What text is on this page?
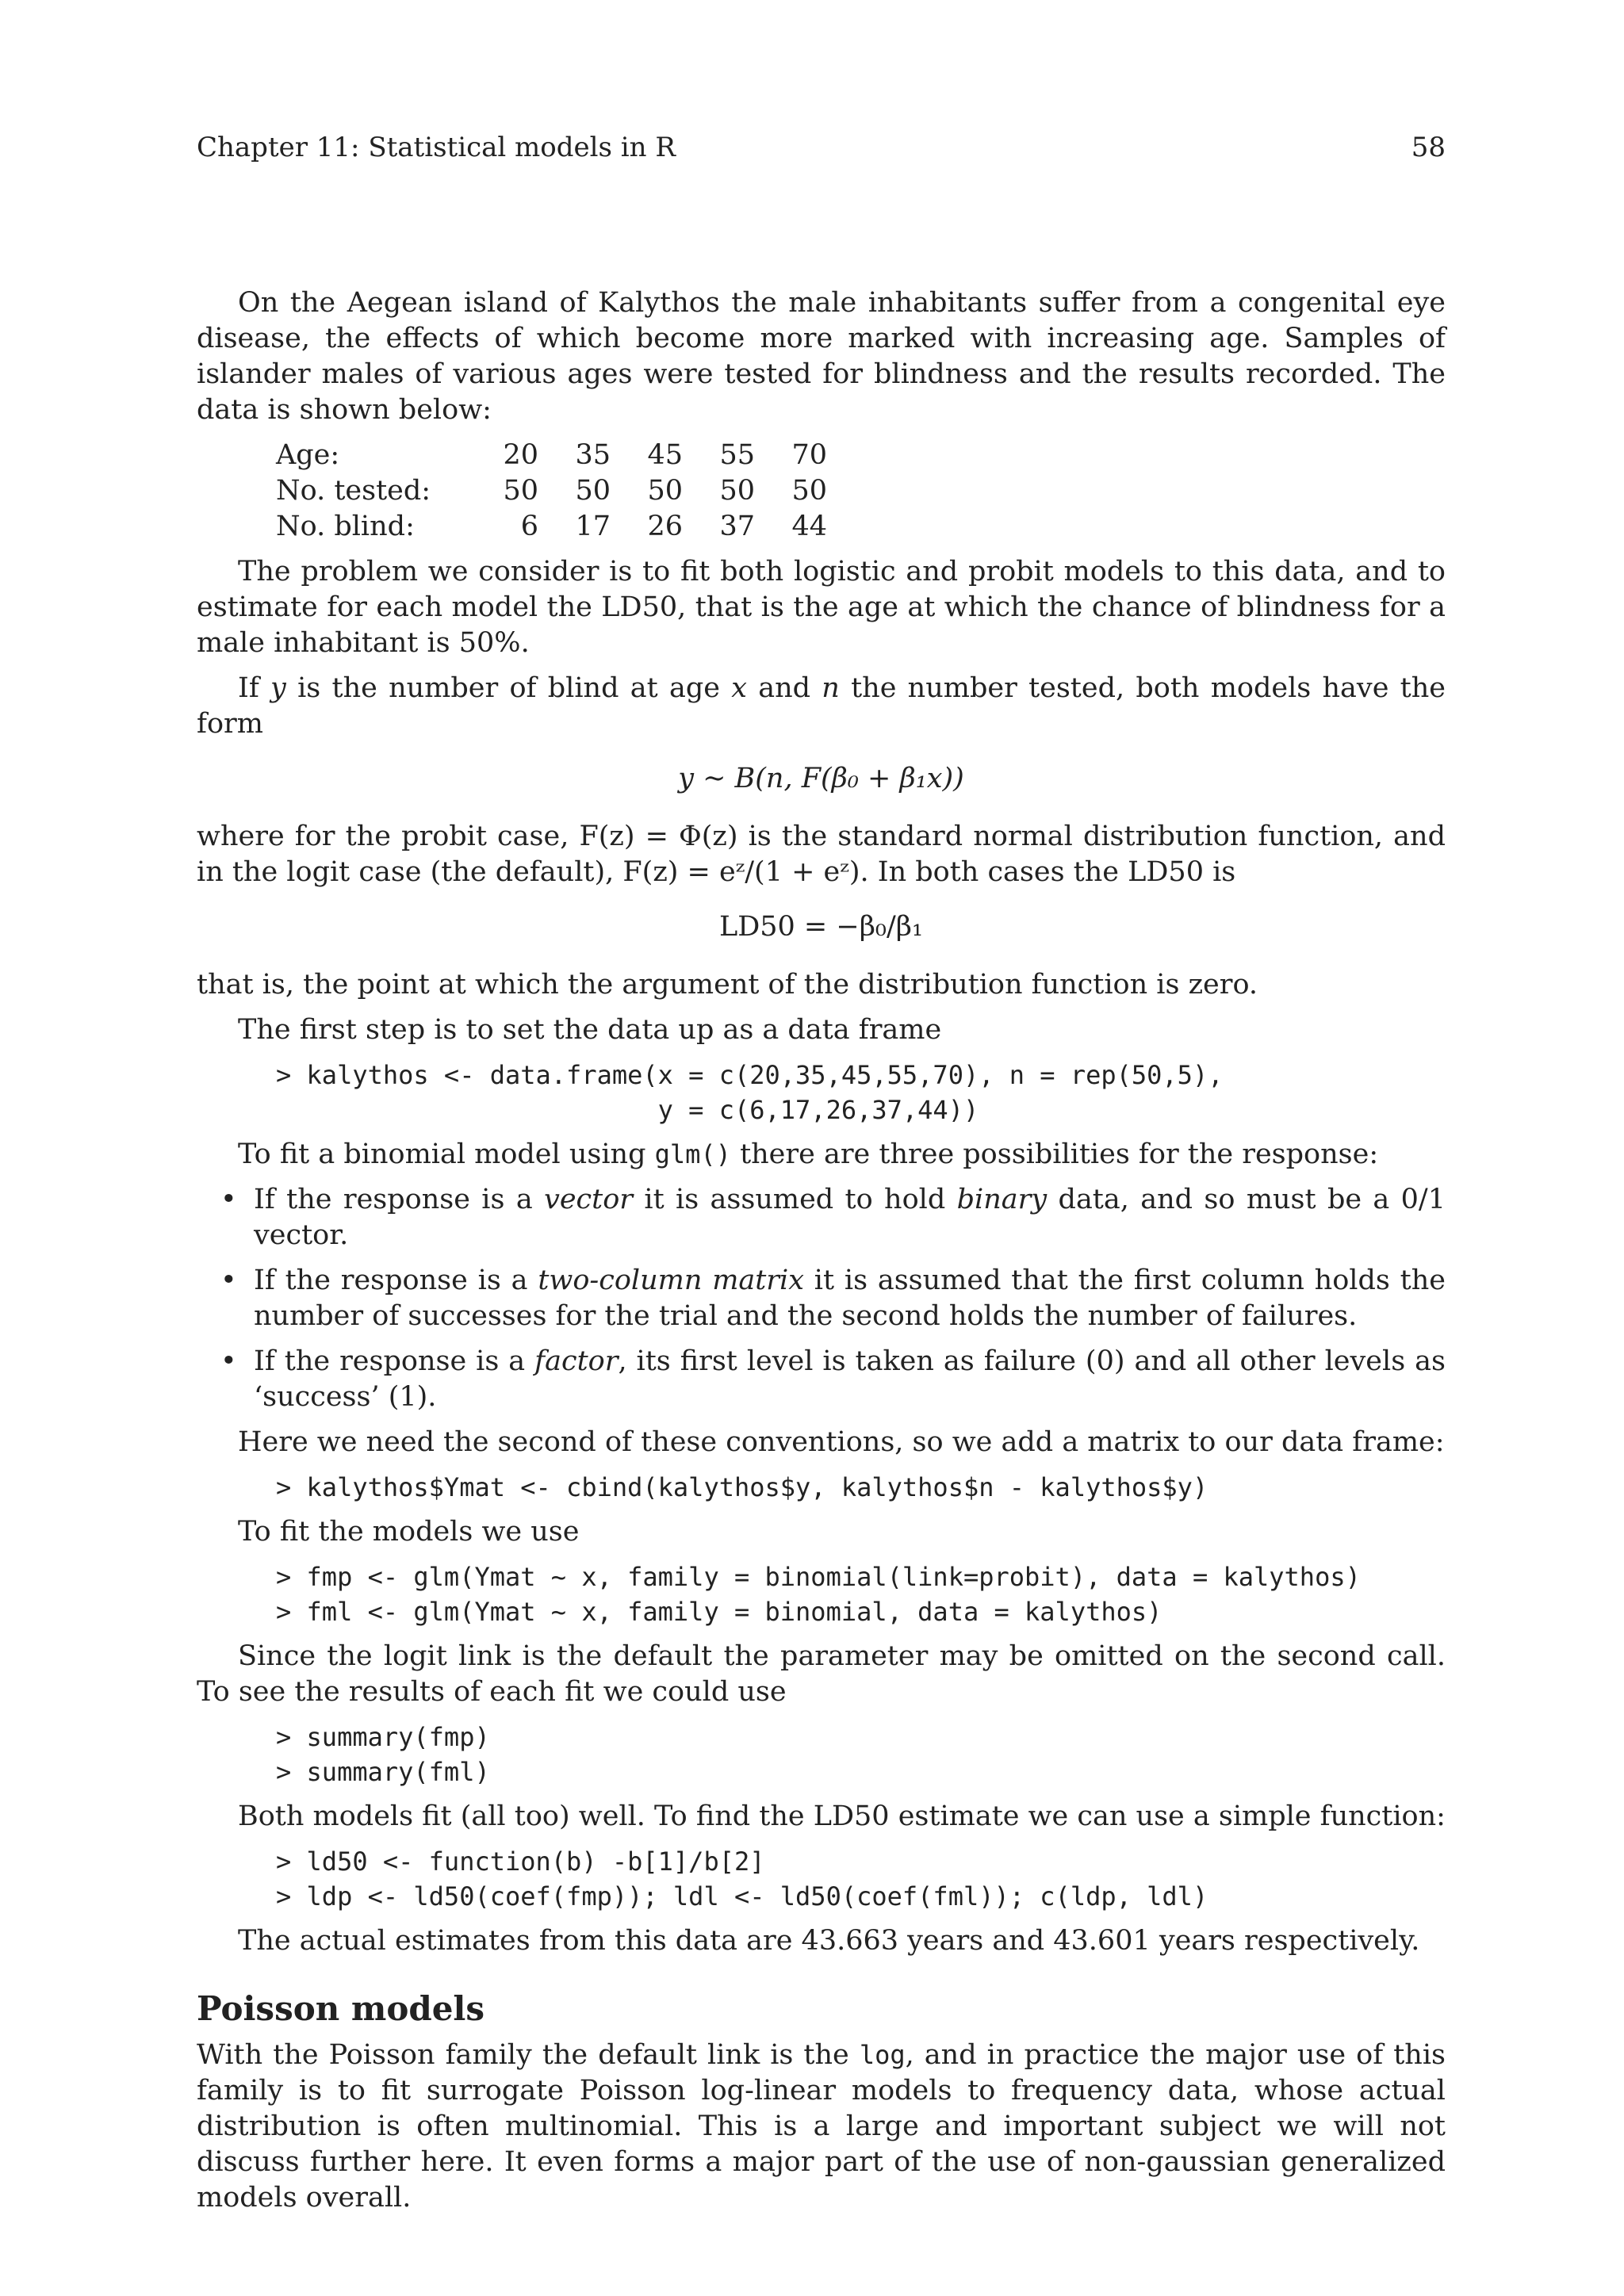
Chapter 11: Statistical models in R	58

On the Aegean island of Kalythos the male inhabitants suffer from a congenital eye disease, the effects of which become more marked with increasing age. Samples of islander males of various ages were tested for blindness and the results recorded. The data is shown below:

Age:	20	35	45	55	70
No. tested:	50	50	50	50	50
No. blind:	6	17	26	37	44

The problem we consider is to fit both logistic and probit models to this data, and to estimate for each model the LD50, that is the age at which the chance of blindness for a male inhabitant is 50%.

If y is the number of blind at age x and n the number tested, both models have the form

y ∼ B(n, F(β₀ + β₁x))

where for the probit case, F(z) = Φ(z) is the standard normal distribution function, and in the logit case (the default), F(z) = eᶻ/(1 + eᶻ). In both cases the LD50 is

LD50 = −β₀/β₁

that is, the point at which the argument of the distribution function is zero.

The first step is to set the data up as a data frame

> kalythos <- data.frame(x = c(20,35,45,55,70), n = rep(50,5),
y = c(6,17,26,37,44))

To fit a binomial model using glm() there are three possibilities for the response:

• If the response is a vector it is assumed to hold binary data, and so must be a 0/1 vector.
• If the response is a two-column matrix it is assumed that the first column holds the number of successes for the trial and the second holds the number of failures.
• If the response is a factor, its first level is taken as failure (0) and all other levels as ‘success’ (1).

Here we need the second of these conventions, so we add a matrix to our data frame:

> kalythos$Ymat <- cbind(kalythos$y, kalythos$n - kalythos$y)

To fit the models we use

> fmp <- glm(Ymat ~ x, family = binomial(link=probit), data = kalythos)
> fml <- glm(Ymat ~ x, family = binomial, data = kalythos)

Since the logit link is the default the parameter may be omitted on the second call. To see the results of each fit we could use

> summary(fmp)
> summary(fml)

Both models fit (all too) well. To find the LD50 estimate we can use a simple function:

> ld50 <- function(b) -b[1]/b[2]
> ldp <- ld50(coef(fmp)); ldl <- ld50(coef(fml)); c(ldp, ldl)

The actual estimates from this data are 43.663 years and 43.601 years respectively.

Poisson models

With the Poisson family the default link is the log, and in practice the major use of this family is to fit surrogate Poisson log-linear models to frequency data, whose actual distribution is often multinomial. This is a large and important subject we will not discuss further here. It even forms a major part of the use of non-gaussian generalized models overall.
